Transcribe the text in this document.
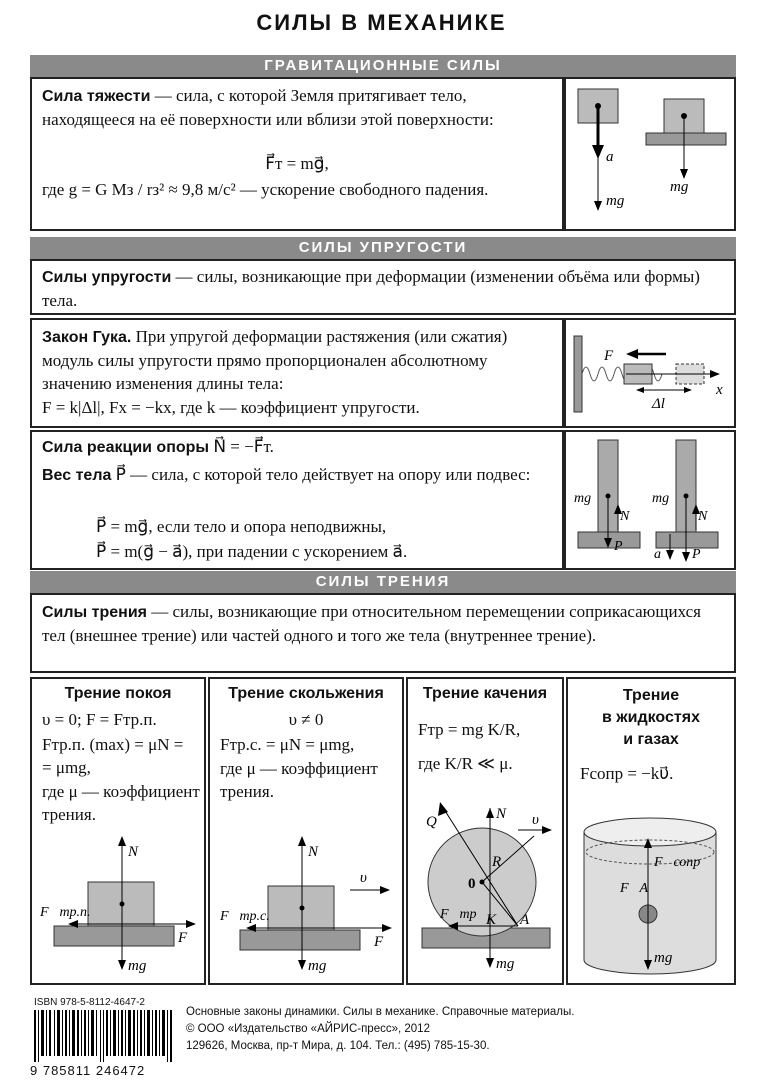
СИЛЫ В МЕХАНИКЕ
ГРАВИТАЦИОННЫЕ СИЛЫ
Сила тяжести — сила, с которой Земля притягивает тело, находящееся на её поверхности или вблизи этой поверхности:
F⃗т = mg⃗,
где g = G Mз / rз² ≈ 9,8 м/с² — ускорение свободного падения.
a⃗
mg⃗
mg⃗
СИЛЫ УПРУГОСТИ
Силы упругости — силы, возникающие при деформации (изменении объёма или формы) тела.
Закон Гука. При упругой деформации растяжения (или сжатия) модуль силы упругости прямо пропорционален абсолютному значению изменения длины тела:
F = k|Δl|, Fx = −kx, где k — коэффициент упругости.
F⃗
Δl
x
Сила реакции опоры N⃗ = −F⃗т.
Вес тела P⃗ — сила, с которой тело действует на опору или подвес:
P⃗ = mg⃗, если тело и опора неподвижны,
P⃗ = m(g⃗ − a⃗), при падении с ускорением a⃗.
mg⃗
N⃗
P⃗
mg⃗
N⃗
P⃗
a⃗
СИЛЫ ТРЕНИЯ
Силы трения — силы, возникающие при относительном перемещении соприкасающихся тел (внешнее трение) или частей одного и того же тела (внутреннее трение).
Трение покоя
υ = 0; F = Fтр.п.
Fтр.п. (max) = μN =
= μmg,
где μ — коэффициент трения.
N⃗
F⃗тр.п.
F⃗
mg⃗
Трение скольжения
υ ≠ 0
Fтр.с. = μN = μmg,
где μ — коэффициент трения.
N⃗
υ⃗
F⃗тр.с.
F⃗
mg⃗
Трение качения
Fтр = mg K/R,
где K/R ≪ μ.
Q⃗	N⃗ υ⃗
R
0
K A
F⃗тр
mg⃗
Трение
в жидкостях
и газах
Fсопр = −kυ⃗.
F⃗сопр
F⃗A
mg⃗
ISBN 978-5-8112-4647-2
9 785811 246472
Основные законы динамики. Силы в механике. Справочные материалы.
© ООО «Издательство «АЙРИС-пресс», 2012
129626, Москва, пр-т Мира, д. 104. Тел.: (495) 785-15-30.
